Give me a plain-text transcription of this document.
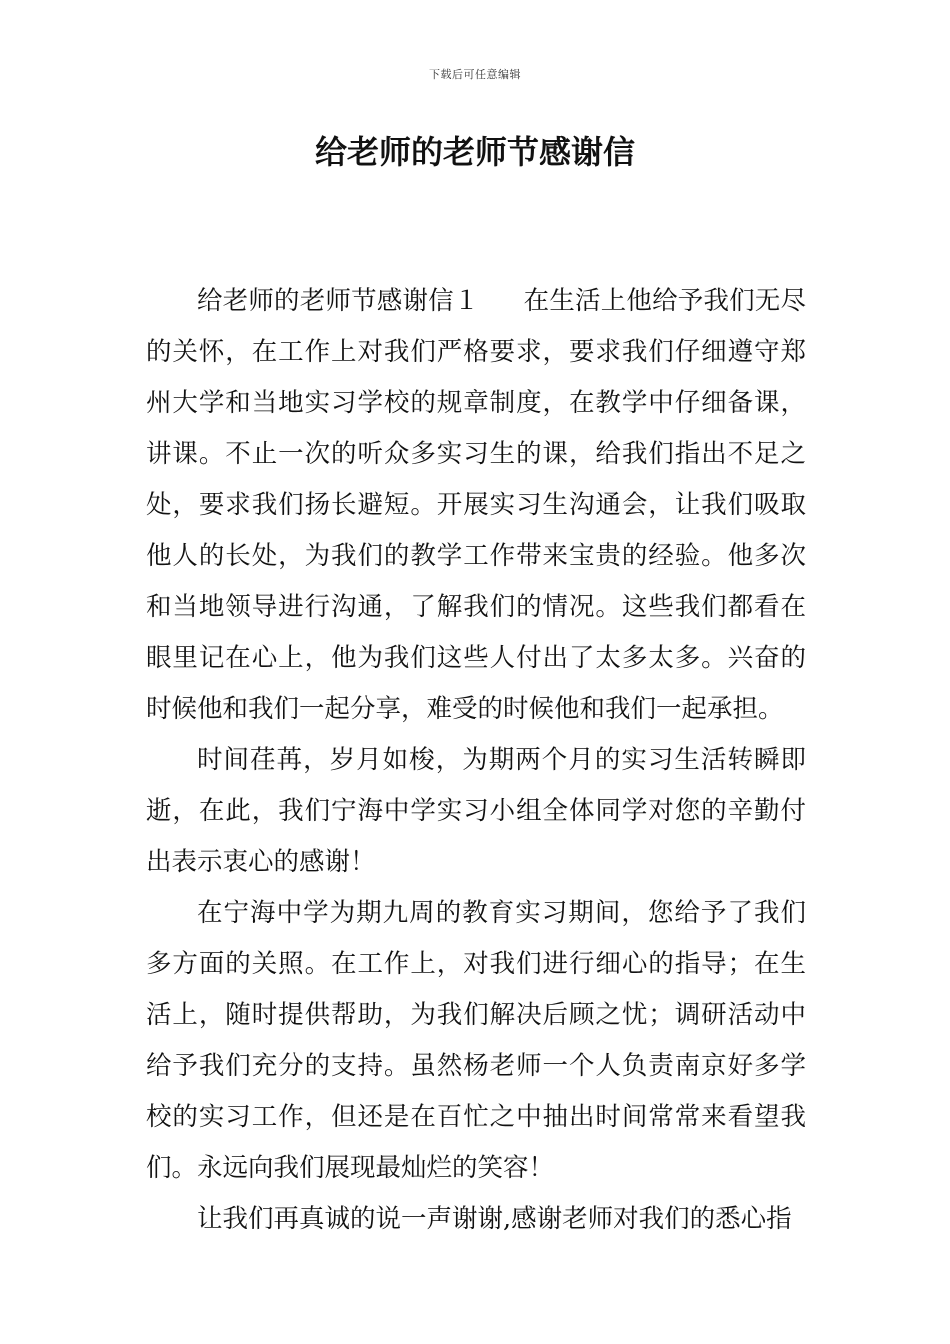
下载后可任意编辑
给老师的老师节感谢信

给老师的老师节感谢信１ 在生活上他给予我们无尽的关怀，在工作上对我们严格要求，要求我们仔细遵守郑州大学和当地实习学校的规章制度，在教学中仔细备课，讲课。不止一次的听众多实习生的课，给我们指出不足之处，要求我们扬长避短。开展实习生沟通会，让我们吸取他人的长处，为我们的教学工作带来宝贵的经验。他多次和当地领导进行沟通，了解我们的情况。这些我们都看在眼里记在心上，他为我们这些人付出了太多太多。兴奋的时候他和我们一起分享，难受的时候他和我们一起承担。

时间荏苒，岁月如梭，为期两个月的实习生活转瞬即逝，在此，我们宁海中学实习小组全体同学对您的辛勤付出表示衷心的感谢！

在宁海中学为期九周的教育实习期间，您给予了我们多方面的关照。在工作上，对我们进行细心的指导；在生活上，随时提供帮助，为我们解决后顾之忧；调研活动中给予我们充分的支持。虽然杨老师一个人负责南京好多学校的实习工作，但还是在百忙之中抽出时间常常来看望我们。永远向我们展现最灿烂的笑容！

让我们再真诚的说一声谢谢,感谢老师对我们的悉心指
